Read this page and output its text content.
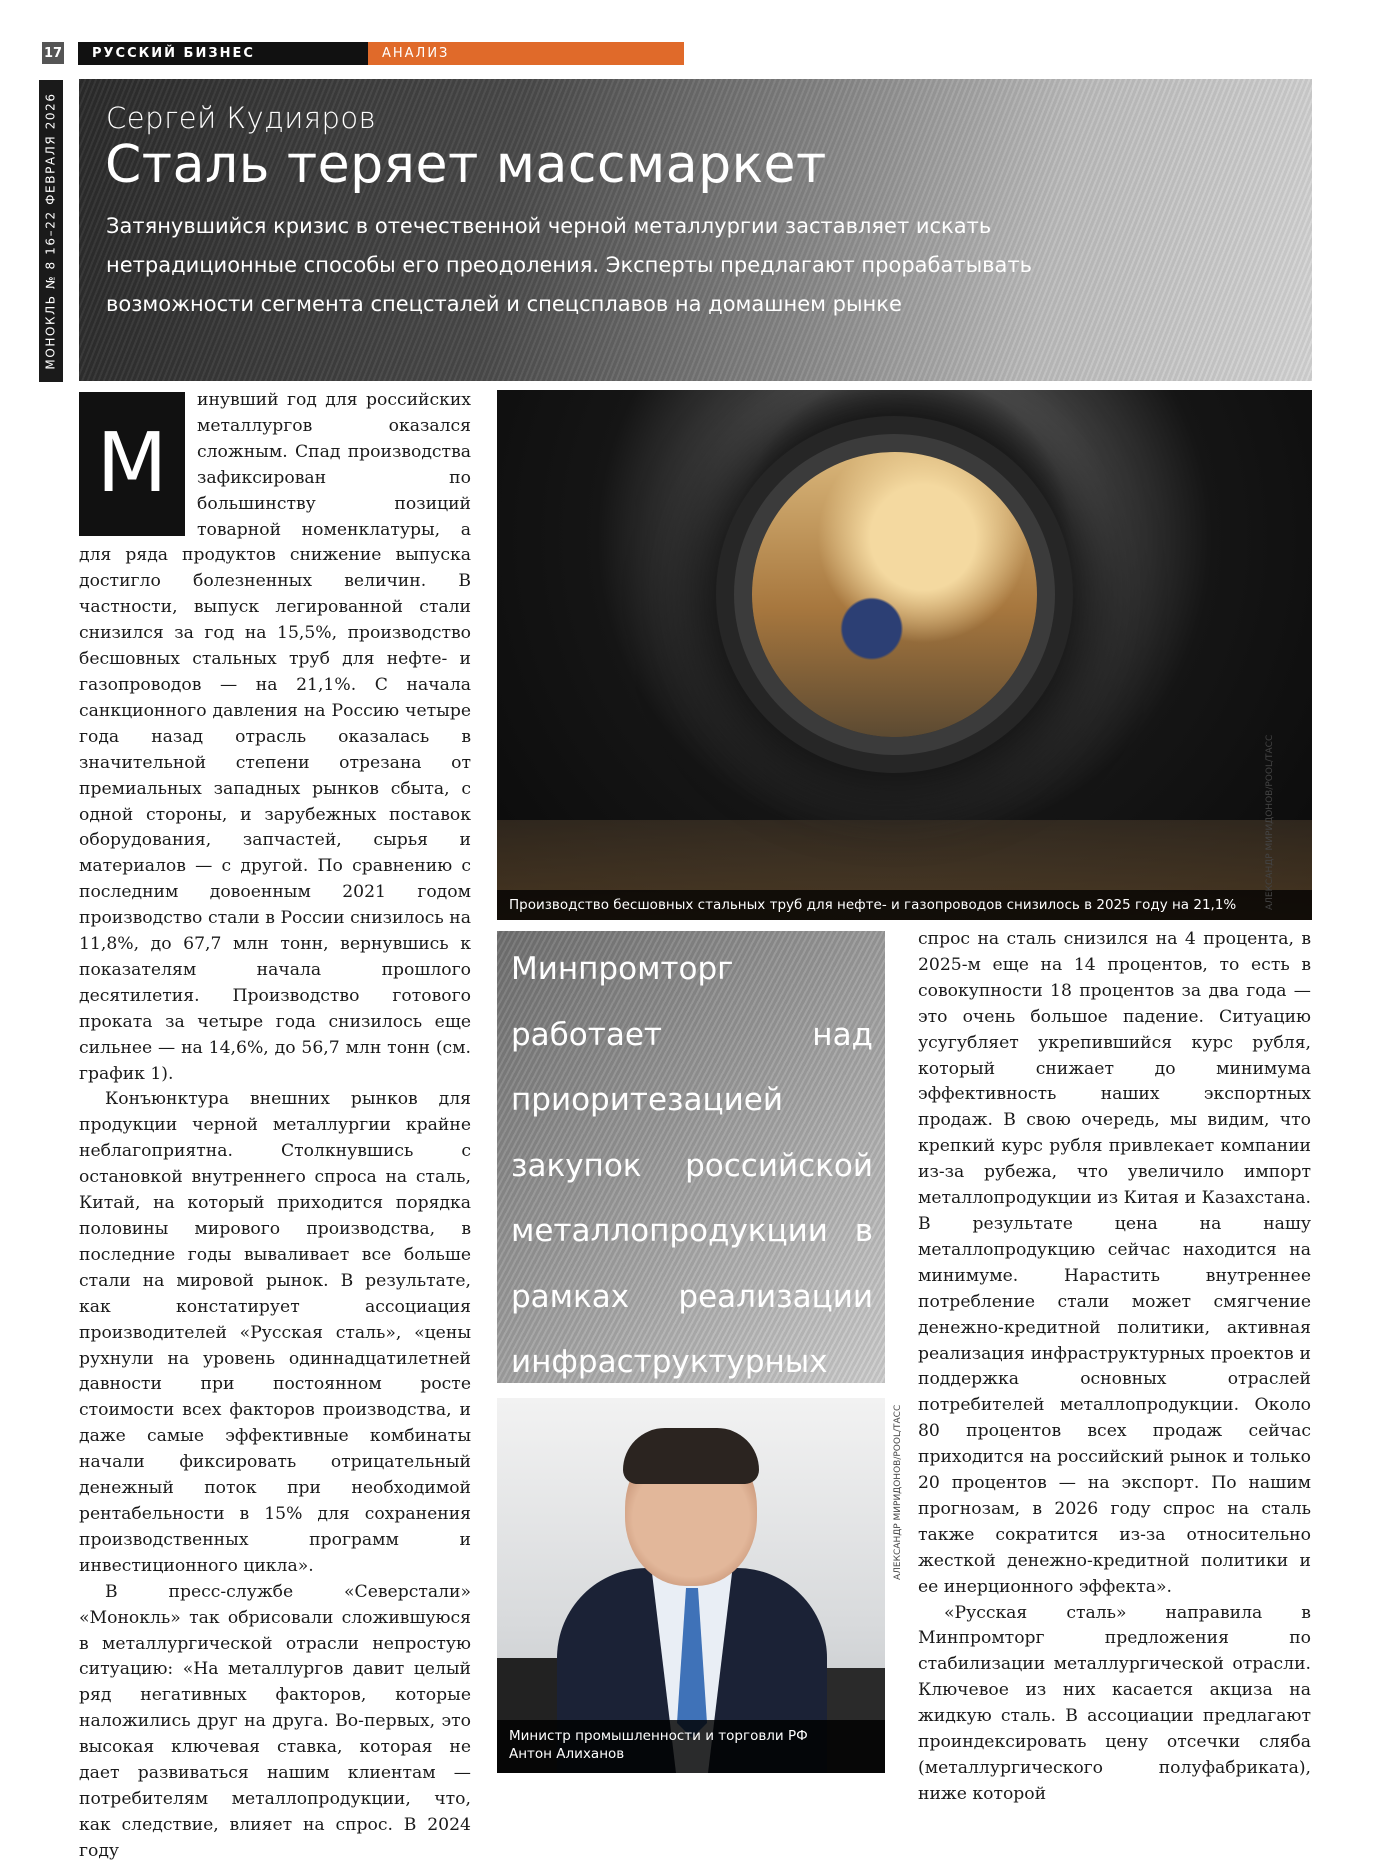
17	РУССКИЙ БИЗНЕС	АНАЛИЗ
МОНОКЛЬ № 8 16–22 ФЕВРАЛЯ 2026 Сергей Кудияров
Сталь теряет массмаркет
Затянувшийся кризис в отечественной черной металлургии заставляет искать нетрадиционные способы его преодоления. Эксперты предлагают прорабатывать возможности сегмента спецсталей и спецсплавов на домашнем рынке
М

инувший год для российских металлургов оказался сложным. Спад производства зафиксирован по большинству позиций товарной номенклатуры, а для ряда продуктов снижение выпуска достигло болезненных величин. В частности, выпуск легированной стали снизился за год на 15,5%, производство бесшовных стальных труб для нефте- и газопроводов — на 21,1%. С начала санкционного давления на Россию четыре года назад отрасль оказалась в значительной степени отрезана от премиальных западных рынков сбыта, с одной стороны, и зарубежных поставок оборудования, запчастей, сырья и материалов — с другой. По сравнению с последним довоенным 2021 годом производство стали в России снизилось на 11,8%, до 67,7 млн тонн, вернувшись к показателям начала прошлого десятилетия. Производство готового проката за четыре года снизилось еще сильнее — на 14,6%, до 56,7 млн тонн (см. график 1).

Конъюнктура внешних рынков для продукции черной металлургии крайне неблагоприятна. Столкнувшись с остановкой внутреннего спроса на сталь, Китай, на который приходится порядка половины мирового производства, в последние годы вываливает все больше стали на мировой рынок. В результате, как констатирует ассоциация производителей «Русская сталь», «цены рухнули на уровень одиннадцатилетней давности при постоянном росте стоимости всех факторов производства, и даже самые эффективные комбинаты начали фиксировать отрицательный денежный поток при необходимой рентабельности в 15% для сохранения производственных программ и инвестиционного цикла».

В пресс-службе «Северстали» «Монокль» так обрисовали сложившуюся в металлургической отрасли непростую ситуацию: «На металлургов давит целый ряд негативных факторов, которые наложились друг на друга. Во-первых, это высокая ключевая ставка, которая не дает развиваться нашим клиентам — потребителям металлопродукции, что, как следствие, влияет на спрос. В 2024 году

Производство бесшовных стальных труб для нефте- и газопроводов снизилось в 2025 году на 21,1%
Минпромторг работает над приоритезацией закупок российской металлопродукции в рамках реализации инфраструктурных
Министр промышленности и торговли РФ
Антон Алиханов
АЛЕКСАНДР МИРИДОНОВ/POOL/ТАСС

спрос на сталь снизился на 4 процента, в 2025-м еще на 14 процентов, то есть в совокупности 18 процентов за два года — это очень большое падение. Ситуацию усугубляет укрепившийся курс рубля, который снижает до минимума эффективность наших экспортных продаж. В свою очередь, мы видим, что крепкий курс рубля привлекает компании из-за рубежа, что увеличило импорт металлопродукции из Китая и Казахстана. В результате цена на нашу металлопродукцию сейчас находится на минимуме. Нарастить внутреннее потребление стали может смягчение денежно-кредитной политики, активная реализация инфраструктурных проектов и поддержка основных отраслей потребителей металлопродукции. Около 80 процентов всех продаж сейчас приходится на российский рынок и только 20 процентов — на экспорт. По нашим прогнозам, в 2026 году спрос на сталь также сократится из-за относительно жесткой денежно-кредитной политики и ее инерционного эффекта».

«Русская сталь» направила в Минпромторг предложения по стабилизации металлургической отрасли. Ключевое из них касается акциза на жидкую сталь. В ассоциации предлагают проиндексировать цену отсечки сляба (металлургического полуфабриката), ниже которой
